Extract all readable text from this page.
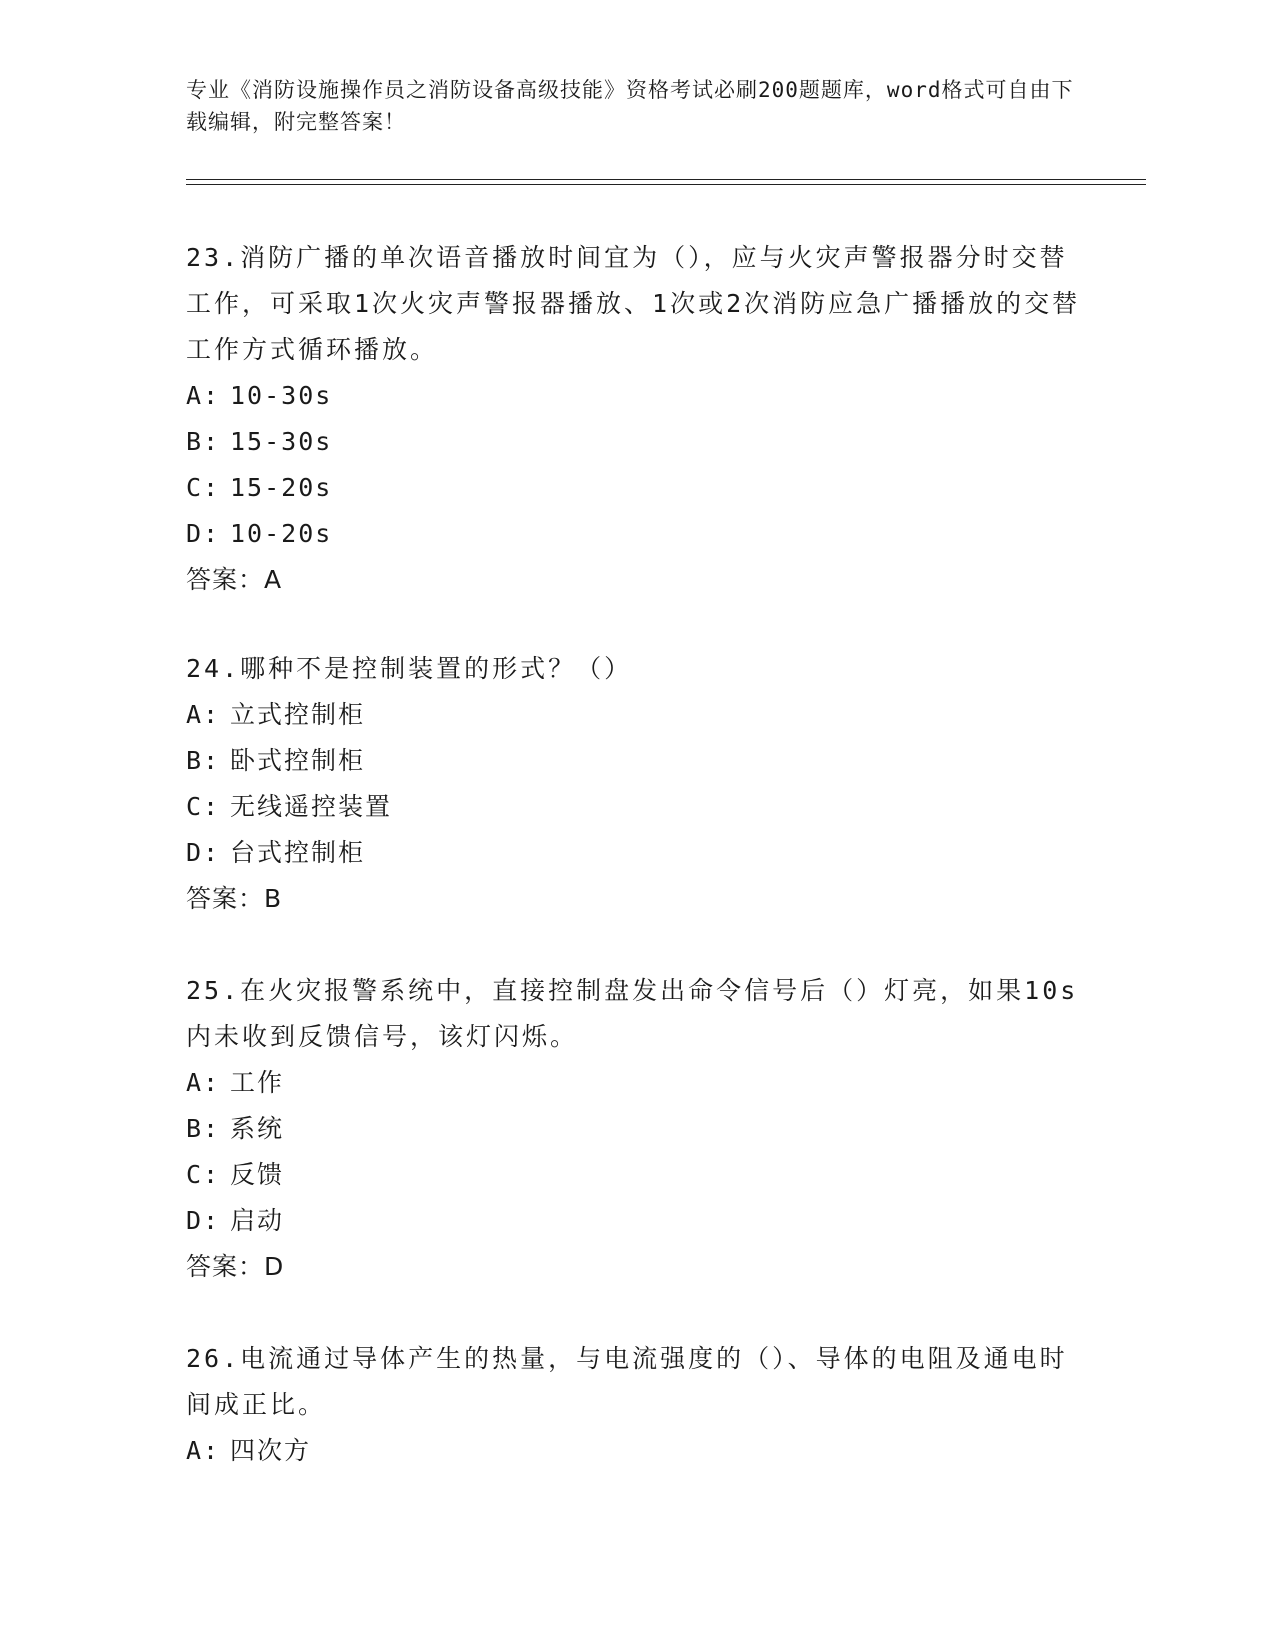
专业《消防设施操作员之消防设备高级技能》资格考试必刷200题题库，word格式可自由下载编辑，附完整答案！
23.消防广播的单次语音播放时间宜为（），应与火灾声警报器分时交替工作，可采取1次火灾声警报器播放、1次或2次消防应急广播播放的交替工作方式循环播放。
A: 10-30s
B: 15-30s
C: 15-20s
D: 10-20s
答案：A
24.哪种不是控制装置的形式？（）
A: 立式控制柜
B: 卧式控制柜
C: 无线遥控装置
D: 台式控制柜
答案：B
25.在火灾报警系统中，直接控制盘发出命令信号后（）灯亮，如果10s内未收到反馈信号，该灯闪烁。
A: 工作
B: 系统
C: 反馈
D: 启动
答案：D
26.电流通过导体产生的热量，与电流强度的（）、导体的电阻及通电时间成正比。
A: 四次方
